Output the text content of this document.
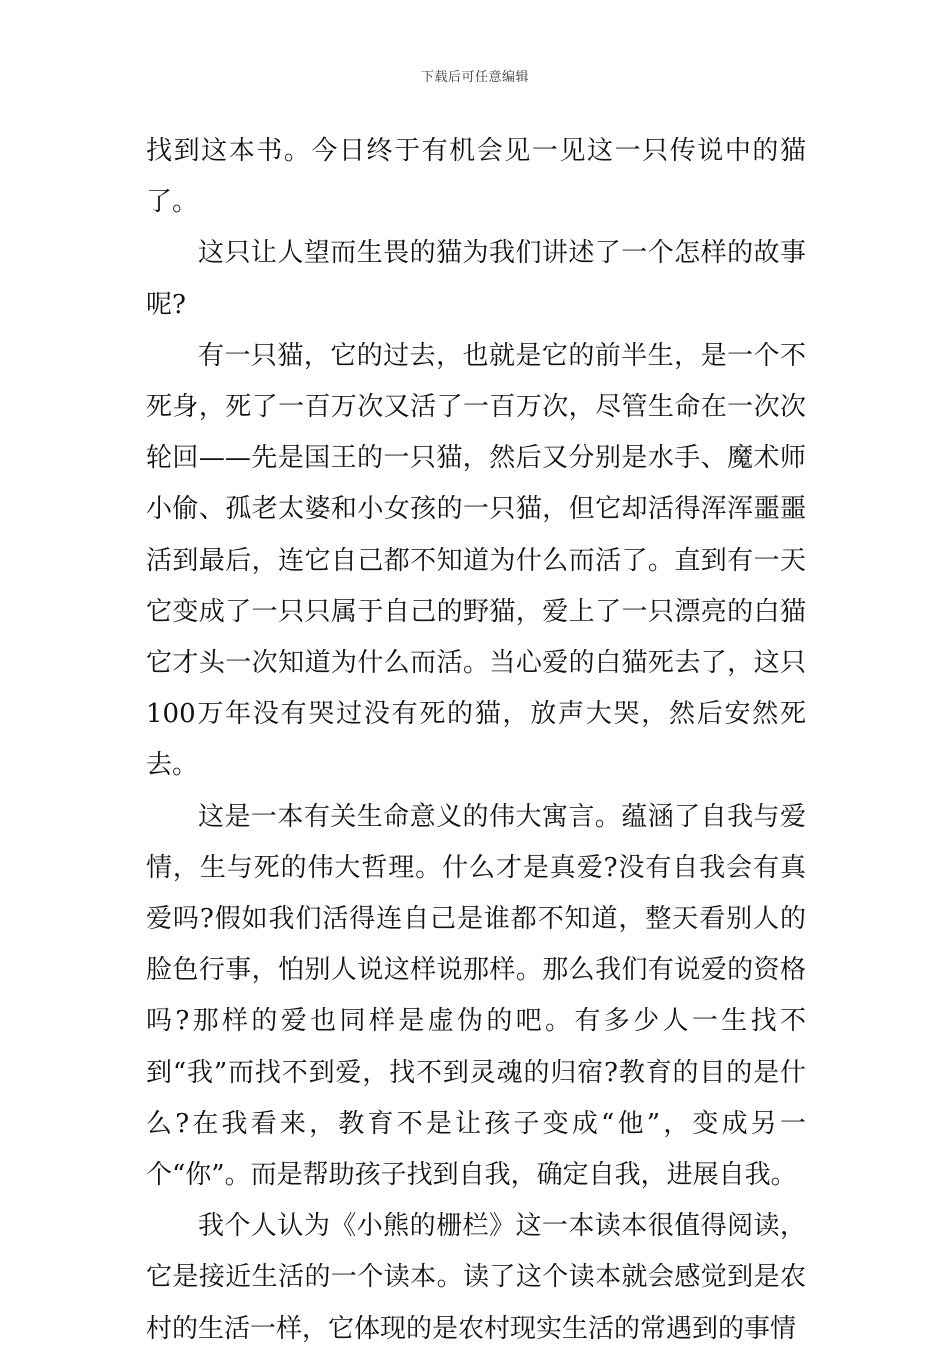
下载后可任意编辑

找到这本书。今日终于有机会见一见这一只传说中的猫了。

这只让人望而生畏的猫为我们讲述了一个怎样的故事呢?

有一只猫，它的过去，也就是它的前半生，是一个不死身，死了一百万次又活了一百万次，尽管生命在一次次轮回——先是国王的一只猫，然后又分别是水手、魔术师小偷、孤老太婆和小女孩的一只猫，但它却活得浑浑噩噩活到最后，连它自己都不知道为什么而活了。直到有一天它变成了一只只属于自己的野猫，爱上了一只漂亮的白猫它才头一次知道为什么而活。当心爱的白猫死去了，这只100万年没有哭过没有死的猫，放声大哭，然后安然死去。

这是一本有关生命意义的伟大寓言。蕴涵了自我与爱情，生与死的伟大哲理。什么才是真爱?没有自我会有真爱吗?假如我们活得连自己是谁都不知道，整天看别人的脸色行事，怕别人说这样说那样。那么我们有说爱的资格吗?那样的爱也同样是虚伪的吧。有多少人一生找不到“我”而找不到爱，找不到灵魂的归宿?教育的目的是什么?在我看来，教育不是让孩子变成“他”，变成另一个“你”。而是帮助孩子找到自我，确定自我，进展自我。

我个人认为《小熊的栅栏》这一本读本很值得阅读，它是接近生活的一个读本。读了这个读本就会感觉到是农村的生活一样，它体现的是农村现实生活的常遇到的事情
